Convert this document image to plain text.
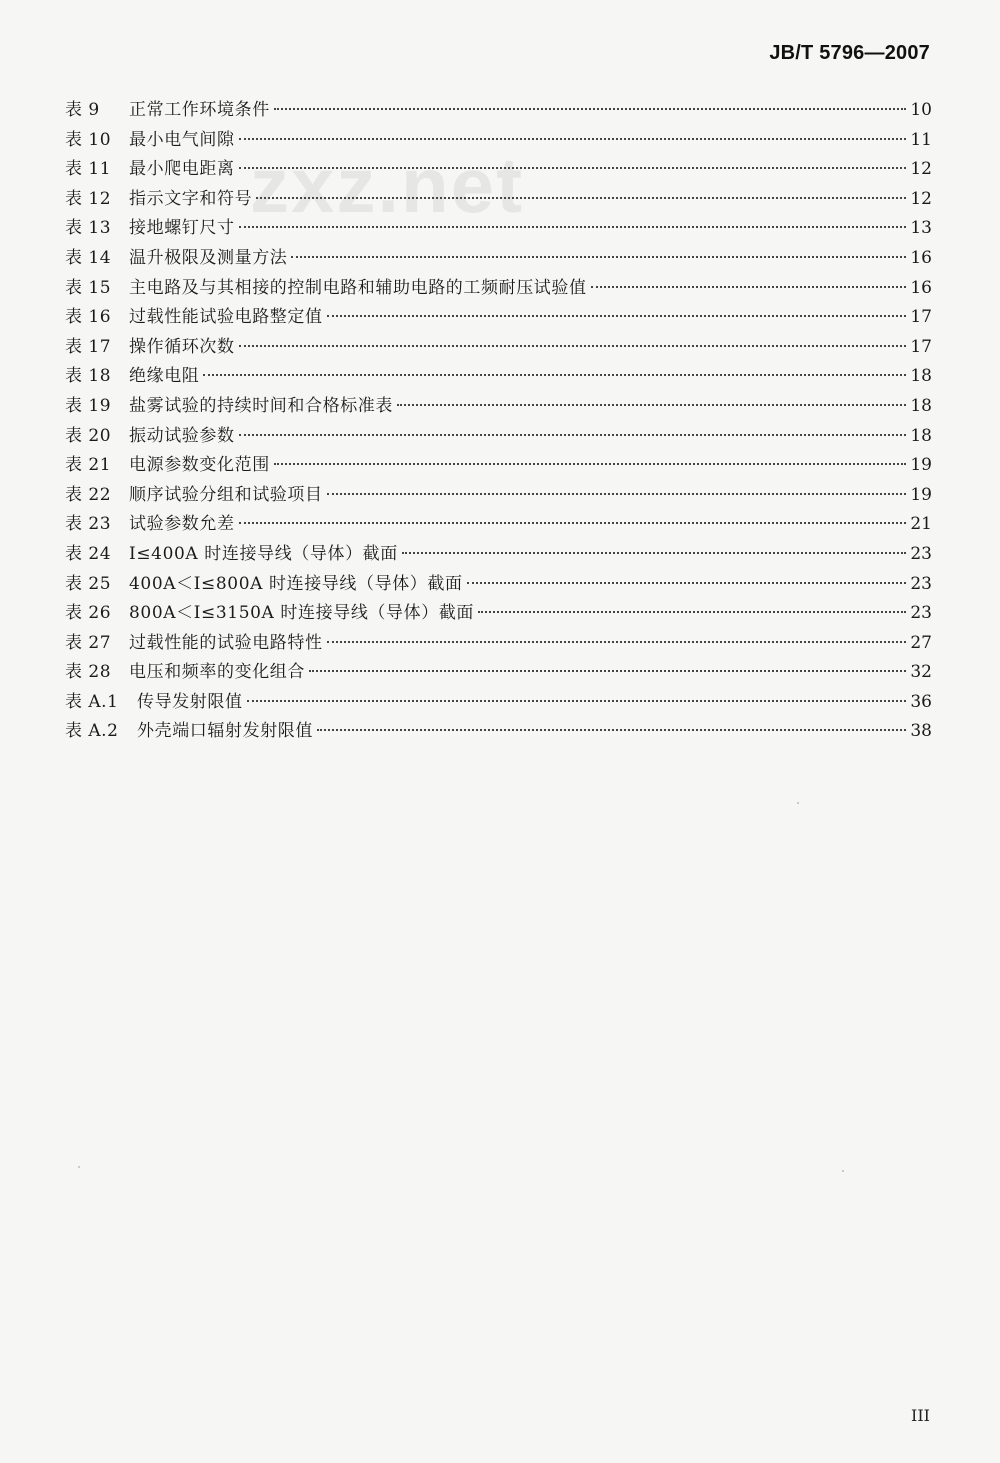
JB/T 5796—2007
zxz.net
表 9	正常工作环境条件	10
表 10	最小电气间隙	11
表 11	最小爬电距离	12
表 12	指示文字和符号	12
表 13	接地螺钉尺寸	13
表 14	温升极限及测量方法	16
表 15	主电路及与其相接的控制电路和辅助电路的工频耐压试验值	16
表 16	过载性能试验电路整定值	17
表 17	操作循环次数	17
表 18	绝缘电阻	18
表 19	盐雾试验的持续时间和合格标准表	18
表 20	振动试验参数	18
表 21	电源参数变化范围	19
表 22	顺序试验分组和试验项目	19
表 23	试验参数允差	21
表 24	I≤400A 时连接导线（导体）截面	23
表 25	400A＜I≤800A 时连接导线（导体）截面	23
表 26	800A＜I≤3150A 时连接导线（导体）截面	23
表 27	过载性能的试验电路特性	27
表 28	电压和频率的变化组合	32
表 A.1	传导发射限值	36
表 A.2	外壳端口辐射发射限值	38
III
